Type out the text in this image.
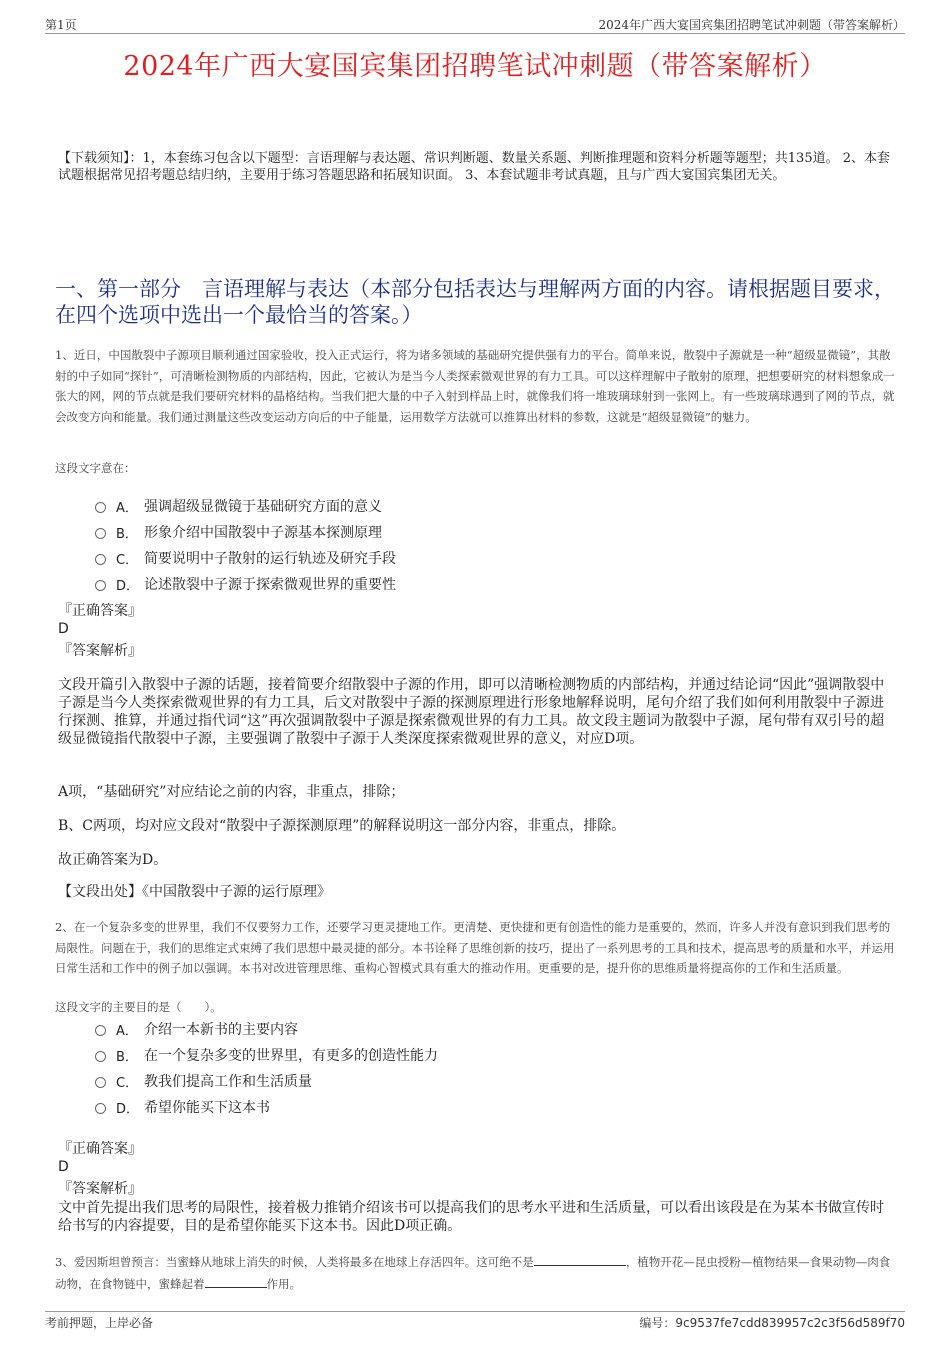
第1页	2024年广西大宴国宾集团招聘笔试冲刺题（带答案解析）
2024年广西大宴国宾集团招聘笔试冲刺题（带答案解析）
【下载须知】：1，本套练习包含以下题型：言语理解与表达题、常识判断题、数量关系题、判断推理题和资料分析题等题型；共135道。 2、本套试题根据常见招考题总结归纳，主要用于练习答题思路和拓展知识面。 3、本套试题非考试真题，且与广西大宴国宾集团无关。
一、第一部分　言语理解与表达（本部分包括表达与理解两方面的内容。请根据题目要求，在四个选项中选出一个最恰当的答案。）
1、近日，中国散裂中子源项目顺利通过国家验收，投入正式运行，将为诸多领域的基础研究提供强有力的平台。简单来说，散裂中子源就是一种“超级显微镜”，其散射的中子如同“探针”，可清晰检测物质的内部结构，因此，它被认为是当今人类探索微观世界的有力工具。可以这样理解中子散射的原理，把想要研究的材料想象成一张大的网，网的节点就是我们要研究材料的晶格结构。当我们把大量的中子入射到样品上时，就像我们将一堆玻璃球射到一张网上。有一些玻璃球遇到了网的节点，就会改变方向和能量。我们通过测量这些改变运动方向后的中子能量，运用数学方法就可以推算出材料的参数，这就是“超级显微镜”的魅力。
这段文字意在：
A． 强调超级显微镜于基础研究方面的意义
B． 形象介绍中国散裂中子源基本探测原理
C． 简要说明中子散射的运行轨迹及研究手段
D． 论述散裂中子源于探索微观世界的重要性
『正确答案』
D
『答案解析』
文段开篇引入散裂中子源的话题，接着简要介绍散裂中子源的作用，即可以清晰检测物质的内部结构，并通过结论词“因此”强调散裂中子源是当今人类探索微观世界的有力工具，后文对散裂中子源的探测原理进行形象地解释说明，尾句介绍了我们如何利用散裂中子源进行探测、推算，并通过指代词“这”再次强调散裂中子源是探索微观世界的有力工具。故文段主题词为散裂中子源，尾句带有双引号的超级显微镜指代散裂中子源，主要强调了散裂中子源于人类深度探索微观世界的意义，对应D项。
A项，“基础研究”对应结论之前的内容，非重点，排除；
B、C两项，均对应文段对“散裂中子源探测原理”的解释说明这一部分内容，非重点，排除。
故正确答案为D。
【文段出处】《中国散裂中子源的运行原理》
2、在一个复杂多变的世界里，我们不仅要努力工作，还要学习更灵捷地工作。更清楚、更快捷和更有创造性的能力是重要的，然而，许多人并没有意识到我们思考的局限性。问题在于，我们的思维定式束缚了我们思想中最灵捷的部分。本书诠释了思维创新的技巧，提出了一系列思考的工具和技术，提高思考的质量和水平，并运用日常生活和工作中的例子加以强调。本书对改进管理思维、重构心智模式具有重大的推动作用。更重要的是，提升你的思维质量将提高你的工作和生活质量。
这段文字的主要目的是（　　）。
A． 介绍一本新书的主要内容
B． 在一个复杂多变的世界里，有更多的创造性能力
C． 教我们提高工作和生活质量
D． 希望你能买下这本书
『正确答案』
D
『答案解析』
文中首先提出我们思考的局限性，接着极力推销介绍该书可以提高我们的思考水平进和生活质量，可以看出该段是在为某本书做宣传时给书写的内容提要，目的是希望你能买下这本书。因此D项正确。
3、爱因斯坦曾预言：当蜜蜂从地球上消失的时候，人类将最多在地球上存活四年。这可绝不是	，植物开花—昆虫授粉—植物结果—食果动物—肉食动物，在食物链中，蜜蜂起着	作用。
考前押题，上岸必备	编号：9c9537fe7cdd839957c2c3f56d589f70
